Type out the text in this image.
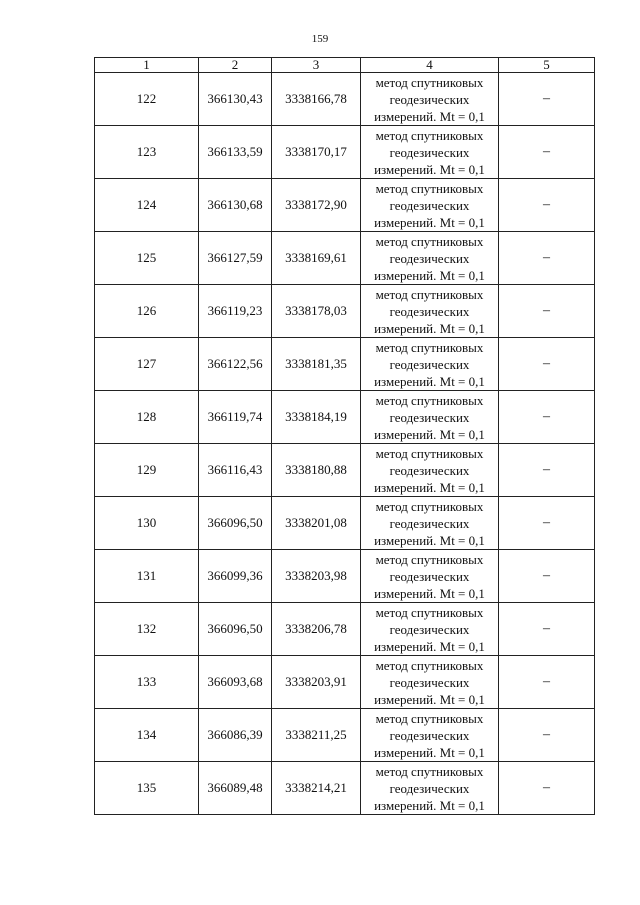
159
1	2	3	4	5
122	366130,43	3338166,78	метод спутниковых
геодезических
измерений. Mt = 0,1	–
123	366133,59	3338170,17	метод спутниковых
геодезических
измерений. Mt = 0,1	–
124	366130,68	3338172,90	метод спутниковых
геодезических
измерений. Mt = 0,1	–
125	366127,59	3338169,61	метод спутниковых
геодезических
измерений. Mt = 0,1	–
126	366119,23	3338178,03	метод спутниковых
геодезических
измерений. Mt = 0,1	–
127	366122,56	3338181,35	метод спутниковых
геодезических
измерений. Mt = 0,1	–
128	366119,74	3338184,19	метод спутниковых
геодезических
измерений. Mt = 0,1	–
129	366116,43	3338180,88	метод спутниковых
геодезических
измерений. Mt = 0,1	–
130	366096,50	3338201,08	метод спутниковых
геодезических
измерений. Mt = 0,1	–
131	366099,36	3338203,98	метод спутниковых
геодезических
измерений. Mt = 0,1	–
132	366096,50	3338206,78	метод спутниковых
геодезических
измерений. Mt = 0,1	–
133	366093,68	3338203,91	метод спутниковых
геодезических
измерений. Mt = 0,1	–
134	366086,39	3338211,25	метод спутниковых
геодезических
измерений. Mt = 0,1	–
135	366089,48	3338214,21	метод спутниковых
геодезических
измерений. Mt = 0,1	–
